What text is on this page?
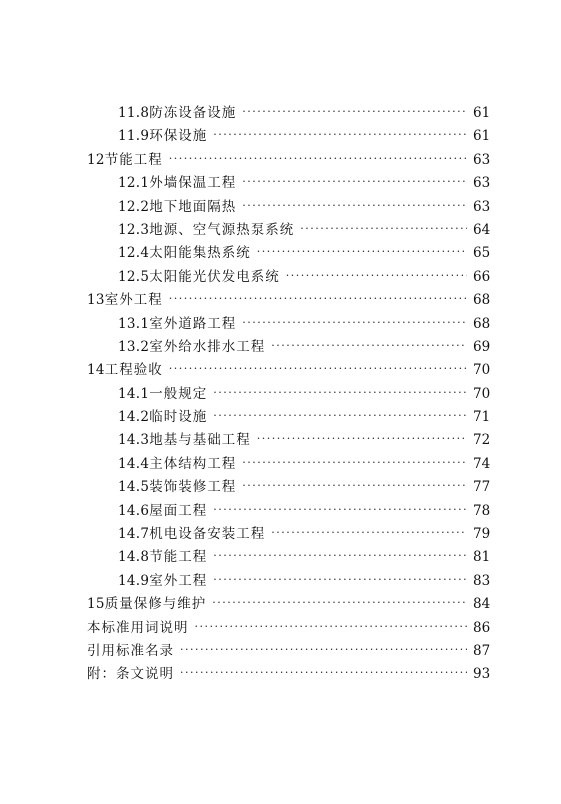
11.8 防冻设备设施 ·····	61
11.9 环保设施 ·····	61
12 节能工程 ·····	63
12.1 外墙保温工程 ·····	63
12.2 地下地面隔热 ·····	63
12.3 地源、空气源热泵系统 ·····	64
12.4 太阳能集热系统 ·····	65
12.5 太阳能光伏发电系统 ·····	66
13 室外工程 ·····	68
13.1 室外道路工程 ·····	68
13.2 室外给水排水工程 ·····	69
14 工程验收 ·····	70
14.1 一般规定 ·····	70
14.2 临时设施 ·····	71
14.3 地基与基础工程 ·····	72
14.4 主体结构工程 ·····	74
14.5 装饰装修工程 ·····	77
14.6 屋面工程 ·····	78
14.7 机电设备安装工程 ·····	79
14.8 节能工程 ·····	81
14.9 室外工程 ·····	83
15 质量保修与维护 ·····	84
本标准用词说明 ·····	86
引用标准名录 ·····	87
附：条文说明 ·····	93
